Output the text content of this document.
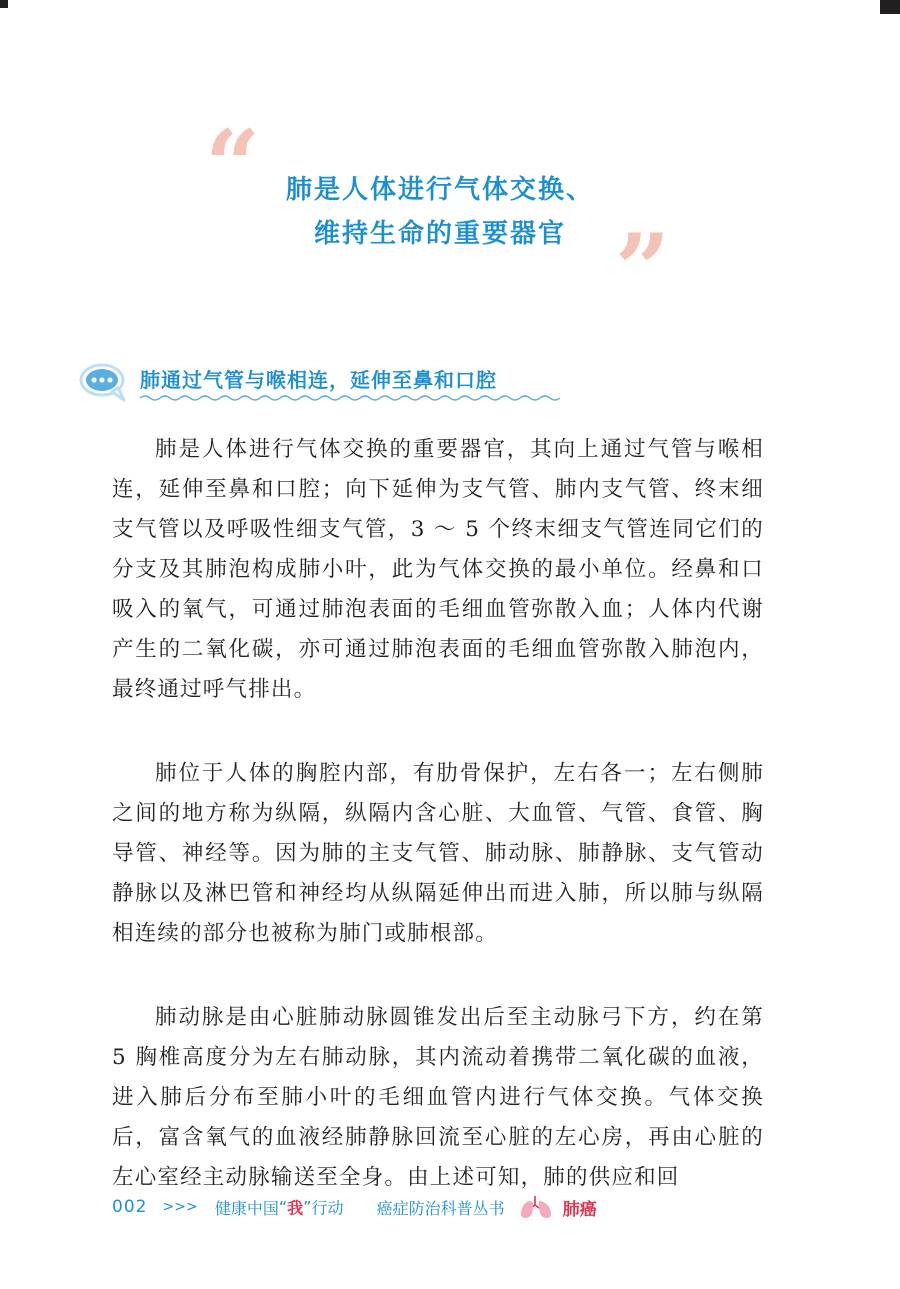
“ 肺是人体进行气体交换、
维持生命的重要器官 ”
肺通过气管与喉相连，延伸至鼻和口腔

肺是人体进行气体交换的重要器官，其向上通过气管与喉相连，延伸至鼻和口腔；向下延伸为支气管、肺内支气管、终末细支气管以及呼吸性细支气管，3 ～ 5 个终末细支气管连同它们的分支及其肺泡构成肺小叶，此为气体交换的最小单位。经鼻和口吸入的氧气，可通过肺泡表面的毛细血管弥散入血；人体内代谢产生的二氧化碳，亦可通过肺泡表面的毛细血管弥散入肺泡内，最终通过呼气排出。

肺位于人体的胸腔内部，有肋骨保护，左右各一；左右侧肺之间的地方称为纵隔，纵隔内含心脏、大血管、气管、食管、胸导管、神经等。因为肺的主支气管、肺动脉、肺静脉、支气管动静脉以及淋巴管和神经均从纵隔延伸出而进入肺，所以肺与纵隔相连续的部分也被称为肺门或肺根部。

肺动脉是由心脏肺动脉圆锥发出后至主动脉弓下方，约在第 5 胸椎高度分为左右肺动脉，其内流动着携带二氧化碳的血液，进入肺后分布至肺小叶的毛细血管内进行气体交换。气体交换后，富含氧气的血液经肺静脉回流至心脏的左心房，再由心脏的左心室经主动脉输送至全身。由上述可知，肺的供应和回

002 >>> 健康中国“我”行动 癌症防治科普丛书	肺癌
